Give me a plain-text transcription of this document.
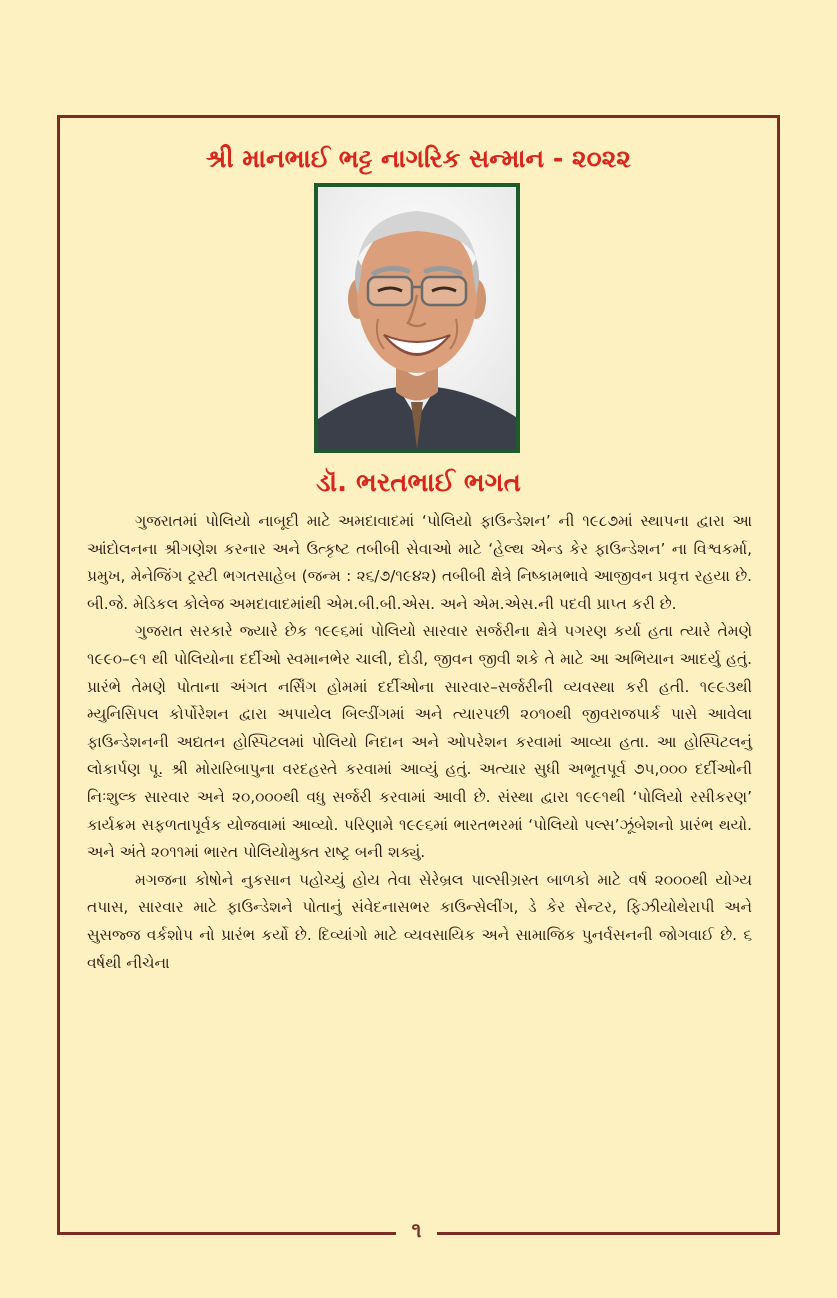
શ્રી માનભાઈ ભટ્ટ નાગરિક સન્માન - ૨૦૨૨
ડૉ. ભરતભાઈ ભગત

ગુજરાતમાં પોલિયો નાબૂદી માટે અમદાવાદમાં ‘પોલિયો ફાઉન્ડેશન’ ની ૧૯૮૭માં સ્થાપના દ્વારા આ આંદોલનના શ્રીગણેશ કરનાર અને ઉત્કૃષ્ટ તબીબી સેવાઓ માટે ‘હેલ્થ એન્ડ કેર ફાઉન્ડેશન’ ના વિશ્વકર્મા, પ્રમુખ, મેનેજિંગ ટ્રસ્ટી ભગતસાહેબ (જન્મ : ૨૬/૭/૧૯૪૨) તબીબી ક્ષેત્રે નિષ્કામભાવે આજીવન પ્રવૃત્ત રહયા છે. બી.જે. મેડિકલ કોલેજ અમદાવાદમાંથી એમ.બી.બી.એસ. અને એમ.એસ.ની પદવી પ્રાપ્ત કરી છે.

ગુજરાત સરકારે જ્યારે છેક ૧૯૯૬માં પોલિયો સારવાર સર્જરીના ક્ષેત્રે પગરણ કર્યા હતા ત્યારે તેમણે ૧૯૯૦–૯૧ થી પોલિયોના દર્દીઓ સ્વમાનભેર ચાલી, દોડી, જીવન જીવી શકે તે માટે આ અભિયાન આદર્યુ હતું. પ્રારંભે તેમણે પોતાના અંગત નર્સિંગ હોમમાં દર્દીઓના સારવાર–સર્જરીની વ્યવસ્થા કરી હતી. ૧૯૯૩થી મ્યુનિસિપલ કોર્પોરેશન દ્વારા અપાયેલ બિલ્ડીંગમાં અને ત્યારપછી ૨૦૧૦થી જીવરાજપાર્ક પાસે આવેલા ફાઉન્ડેશનની અદ્યતન હોસ્પિટલમાં પોલિયો નિદાન અને ઓપરેશન કરવામાં આવ્યા હતા. આ હોસ્પિટલનું લોકાર્પણ પૂ. શ્રી મોરારિબાપુના વરદહસ્તે કરવામાં આવ્યું હતું. અત્યાર સુધી અભૂતપૂર્વ ૭૫,૦૦૦ દર્દીઓની નિઃશુલ્ક સારવાર અને ૨૦,૦૦૦થી વધુ સર્જરી કરવામાં આવી છે. સંસ્થા દ્વારા ૧૯૯૧થી ‘પોલિયો રસીકરણ’ કાર્યક્રમ સફળતાપૂર્વક યોજવામાં આવ્યો. પરિણામે ૧૯૯૬માં ભારતભરમાં ‘પોલિયો પલ્સ’ઝૂંબેશનો પ્રારંભ થયો. અને અંતે ૨૦૧૧માં ભારત પોલિયોમુક્ત રાષ્ટ્ર બની શક્યું.

મગજના કોષોને નુકસાન પહોચ્યું હોય તેવા સેરેબ્રલ પાલ્સીગ્રસ્ત બાળકો માટે વર્ષ ૨૦૦૦થી યોગ્ય તપાસ, સારવાર માટે ફાઉન્ડેશને પોતાનું સંવેદનાસભર કાઉન્સેલીંગ, ડે કેર સેન્ટર, ફિઝીયોથેરાપી અને સુસજ્જ વર્કશોપ નો પ્રારંભ કર્યો છે. દિવ્યાંગો માટે વ્યવસાયિક અને સામાજિક પુનર્વસનની જોગવાઈ છે. ૬ વર્ષથી નીચેના

૧
